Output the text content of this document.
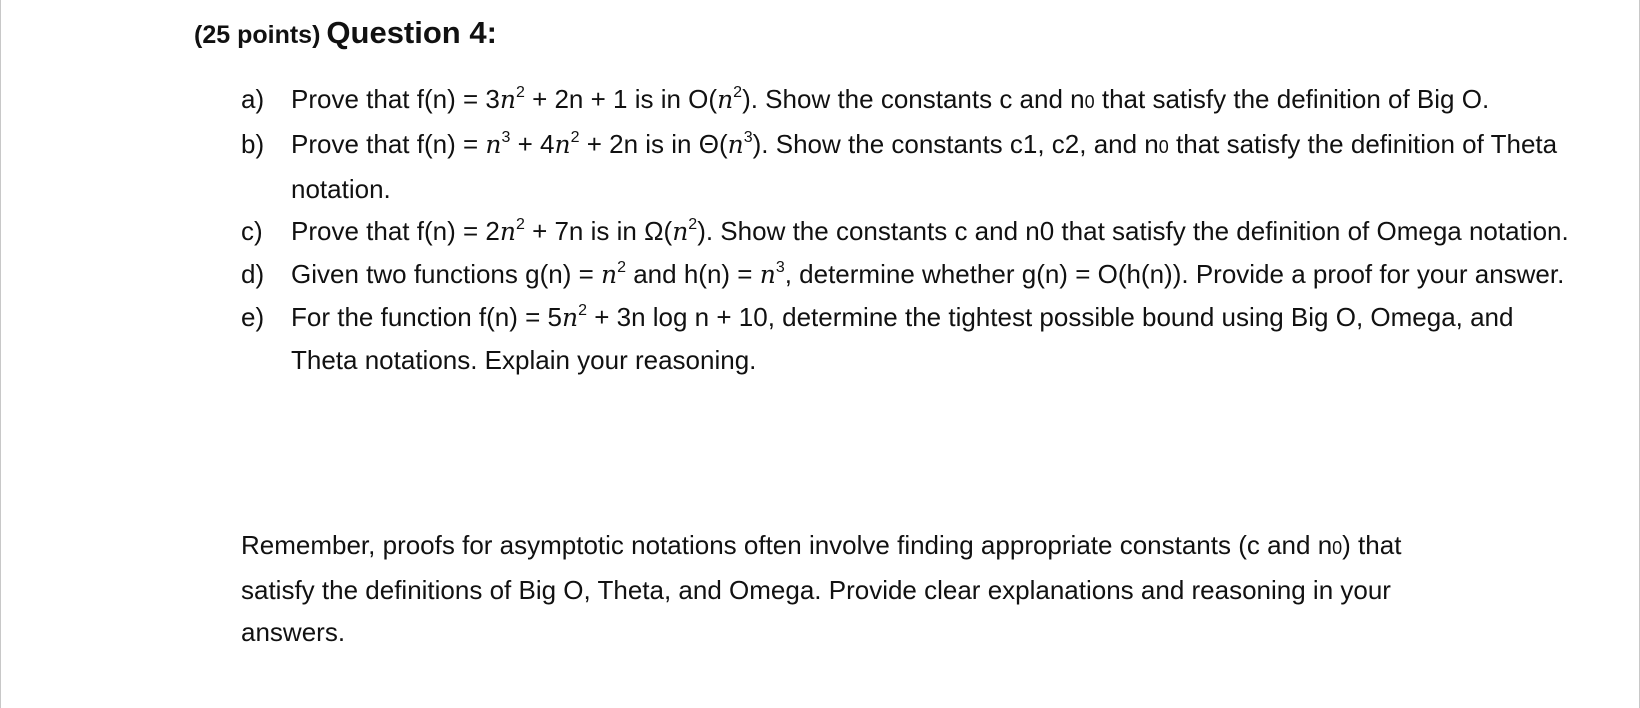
(25 points) Question 4:
a)	Prove that $f(n) = 3n^2 + 2n + 1$ is in $O(n^2)$. Show the constants c and n0 that satisfy the definition of Big O.
b)	Prove that $f(n) = n^3 + 4n^2 + 2n$ is in $\Theta(n^3)$. Show the constants c1, c2, and n0 that satisfy the definition of Theta notation.
c)	Prove that $f(n) = 2n^2 + 7n$ is in $\Omega(n^2)$. Show the constants c and n0 that satisfy the definition of Omega notation.
d)	Given two functions $g(n) = n^2$ and $h(n) = n^3$, determine whether g(n) = O(h(n)). Provide a proof for your answer.
e)	For the function $f(n) = 5n^2 + 3n$ log n + 10, determine the tightest possible bound using Big O, Omega, and Theta notations. Explain your reasoning.

Remember, proofs for asymptotic notations often involve finding appropriate constants (c and n0) that satisfy the definitions of Big O, Theta, and Omega. Provide clear explanations and reasoning in your answers.
